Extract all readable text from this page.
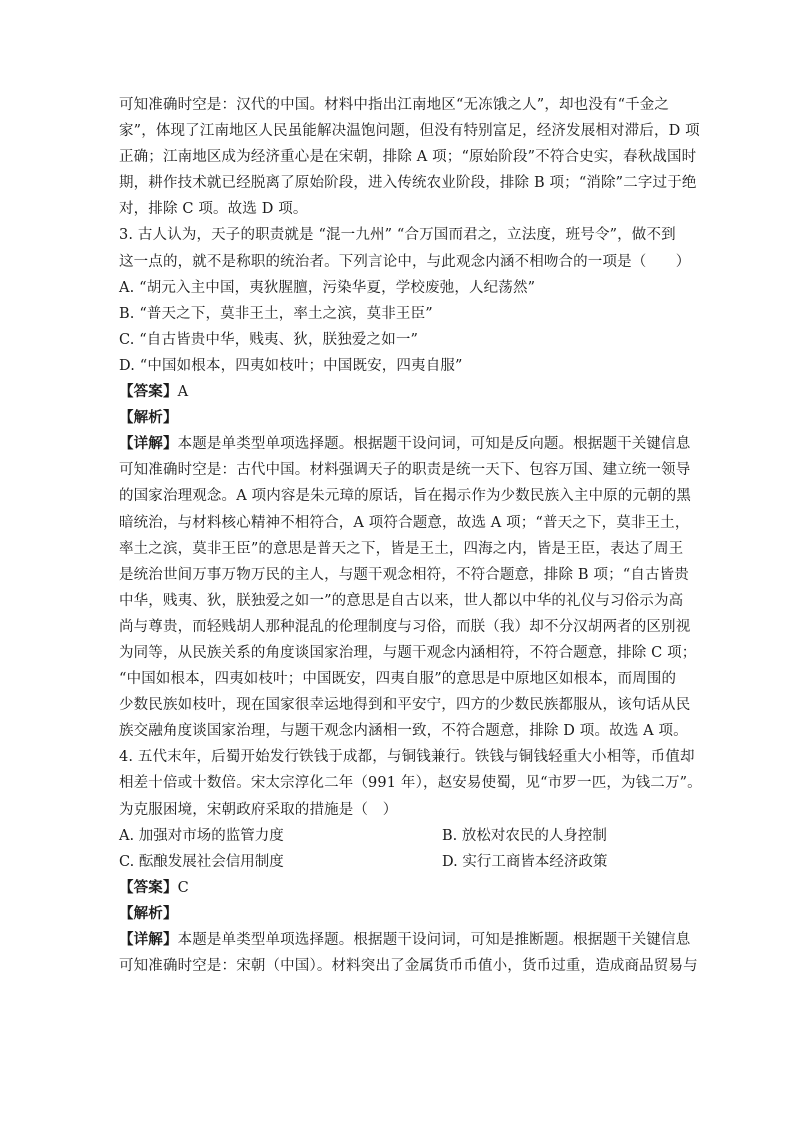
可知准确时空是：汉代的中国。材料中指出江南地区“无冻饿之人”，却也没有“千金之
家”，体现了江南地区人民虽能解决温饱问题，但没有特别富足，经济发展相对滞后，D 项
正确；江南地区成为经济重心是在宋朝，排除 A 项；“原始阶段”不符合史实，春秋战国时
期，耕作技术就已经脱离了原始阶段，进入传统农业阶段，排除 B 项；“消除”二字过于绝
对，排除 C 项。故选 D 项。
3. 古人认为，天子的职责就是 “混一九州” “合万国而君之，立法度，班号令”，做不到
这一点的，就不是称职的统治者。下列言论中，与此观念内涵不相吻合的一项是（　　）
A. “胡元入主中国，夷狄腥膻，污染华夏，学校废弛，人纪荡然”
B. “普天之下，莫非王土，率土之滨，莫非王臣”
C. “自古皆贵中华，贱夷、狄，朕独爱之如一”
D. “中国如根本，四夷如枝叶；中国既安，四夷自服”
【答案】A
【解析】
【详解】本题是单类型单项选择题。根据题干设问词，可知是反向题。根据题干关键信息
可知准确时空是：古代中国。材料强调天子的职责是统一天下、包容万国、建立统一领导
的国家治理观念。A 项内容是朱元璋的原话，旨在揭示作为少数民族入主中原的元朝的黑
暗统治，与材料核心精神不相符合，A 项符合题意，故选 A 项；“普天之下，莫非王土，
率土之滨，莫非王臣”的意思是普天之下，皆是王土，四海之内，皆是王臣，表达了周王
是统治世间万事万物万民的主人，与题干观念相符，不符合题意，排除 B 项；“自古皆贵
中华，贱夷、狄，朕独爱之如一”的意思是自古以来，世人都以中华的礼仪与习俗示为高
尚与尊贵，而轻贱胡人那种混乱的伦理制度与习俗，而朕（我）却不分汉胡两者的区别视
为同等，从民族关系的角度谈国家治理，与题干观念内涵相符，不符合题意，排除 C 项；
“中国如根本，四夷如枝叶；中国既安，四夷自服”的意思是中原地区如根本，而周围的
少数民族如枝叶，现在国家很幸运地得到和平安宁，四方的少数民族都服从，该句话从民
族交融角度谈国家治理，与题干观念内涵相一致，不符合题意，排除 D 项。故选 A 项。
4. 五代末年，后蜀开始发行铁钱于成都，与铜钱兼行。铁钱与铜钱轻重大小相等，币值却
相差十倍或十数倍。宋太宗淳化二年（991 年），赵安易使蜀，见“市罗一匹，为钱二万”。
为克服困境，宋朝政府采取的措施是（　）
A. 加强对市场的监管力度	B. 放松对农民的人身控制
C. 酝酿发展社会信用制度	D. 实行工商皆本经济政策
【答案】C
【解析】
【详解】本题是单类型单项选择题。根据题干设问词，可知是推断题。根据题干关键信息
可知准确时空是：宋朝（中国）。材料突出了金属货币币值小，货币过重，造成商品贸易与
